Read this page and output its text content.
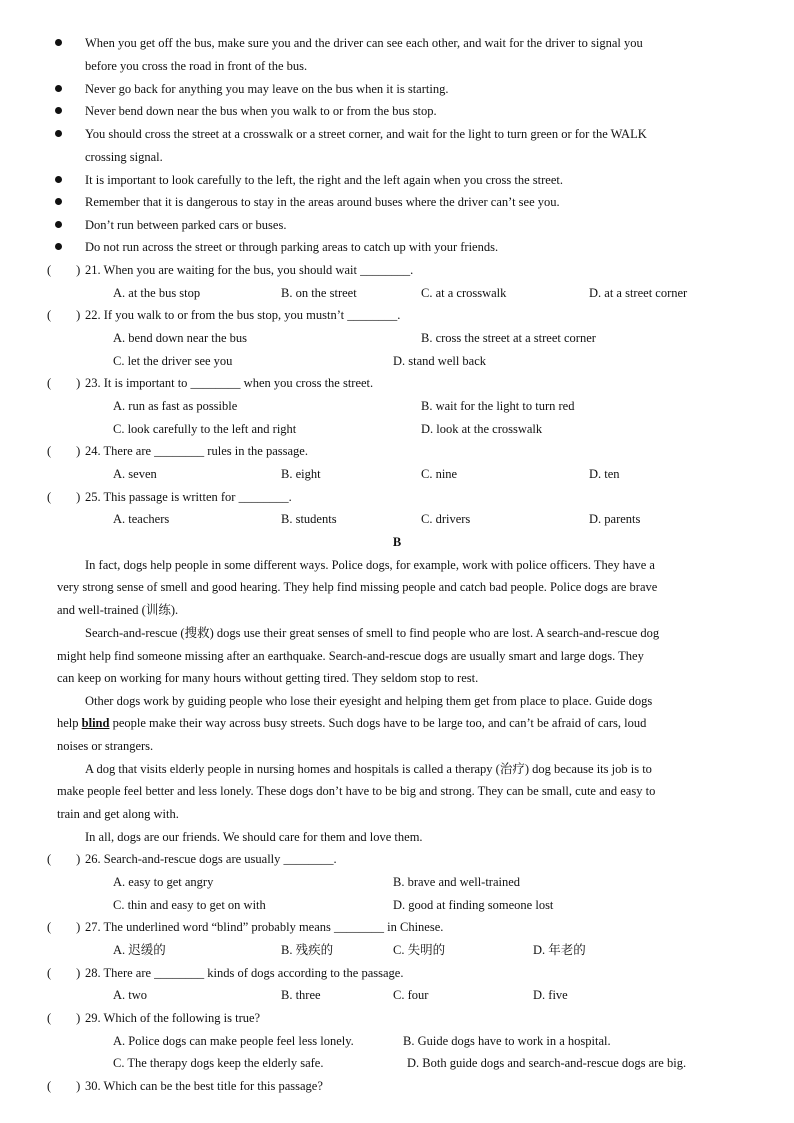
When you get off the bus, make sure you and the driver can see each other, and wait for the driver to signal you
before you cross the road in front of the bus.
Never go back for anything you may leave on the bus when it is starting.
Never bend down near the bus when you walk to or from the bus stop.
You should cross the street at a crosswalk or a street corner, and wait for the light to turn green or for the WALK
crossing signal.
It is important to look carefully to the left, the right and the left again when you cross the street.
Remember that it is dangerous to stay in the areas around buses where the driver can’t see you.
Don’t run between parked cars or buses.
Do not run across the street or through parking areas to catch up with your friends.
(        ) 21. When you are waiting for the bus, you should wait ________.
A. at the bus stop	B. on the street	C. at a crosswalk	D. at a street corner
(        ) 22. If you walk to or from the bus stop, you mustn’t ________.
A. bend down near the bus	B. cross the street at a street corner
C. let the driver see you	D. stand well back
(        ) 23. It is important to ________ when you cross the street.
A. run as fast as possible	B. wait for the light to turn red
C. look carefully to the left and right	D. look at the crosswalk
(        ) 24. There are ________ rules in the passage.
A. seven	B. eight	C. nine	D. ten
(        ) 25. This passage is written for ________.
A. teachers	B. students	C. drivers	D. parents
B
In fact, dogs help people in some different ways. Police dogs, for example, work with police officers. They have a
very strong sense of smell and good hearing. They help find missing people and catch bad people. Police dogs are brave
and well-trained (训练).
Search-and-rescue (搜救) dogs use their great senses of smell to find people who are lost. A search-and-rescue dog
might help find someone missing after an earthquake. Search-and-rescue dogs are usually smart and large dogs. They
can keep on working for many hours without getting tired. They seldom stop to rest.
Other dogs work by guiding people who lose their eyesight and helping them get from place to place. Guide dogs
help blind people make their way across busy streets. Such dogs have to be large too, and can’t be afraid of cars, loud
noises or strangers.
A dog that visits elderly people in nursing homes and hospitals is called a therapy (治疗) dog because its job is to
make people feel better and less lonely. These dogs don’t have to be big and strong. They can be small, cute and easy to
train and get along with.
In all, dogs are our friends. We should care for them and love them.
(        ) 26. Search-and-rescue dogs are usually ________.
A. easy to get angry	B. brave and well-trained
C. thin and easy to get on with	D. good at finding someone lost
(        ) 27. The underlined word “blind” probably means ________ in Chinese.
A. 迟缓的	B. 残疾的	C. 失明的	D. 年老的
(        ) 28. There are ________ kinds of dogs according to the passage.
A. two	B. three	C. four	D. five
(        ) 29. Which of the following is true?
A. Police dogs can make people feel less lonely.	B. Guide dogs have to work in a hospital.
C. The therapy dogs keep the elderly safe.	D. Both guide dogs and search-and-rescue dogs are big.
(        ) 30. Which can be the best title for this passage?
